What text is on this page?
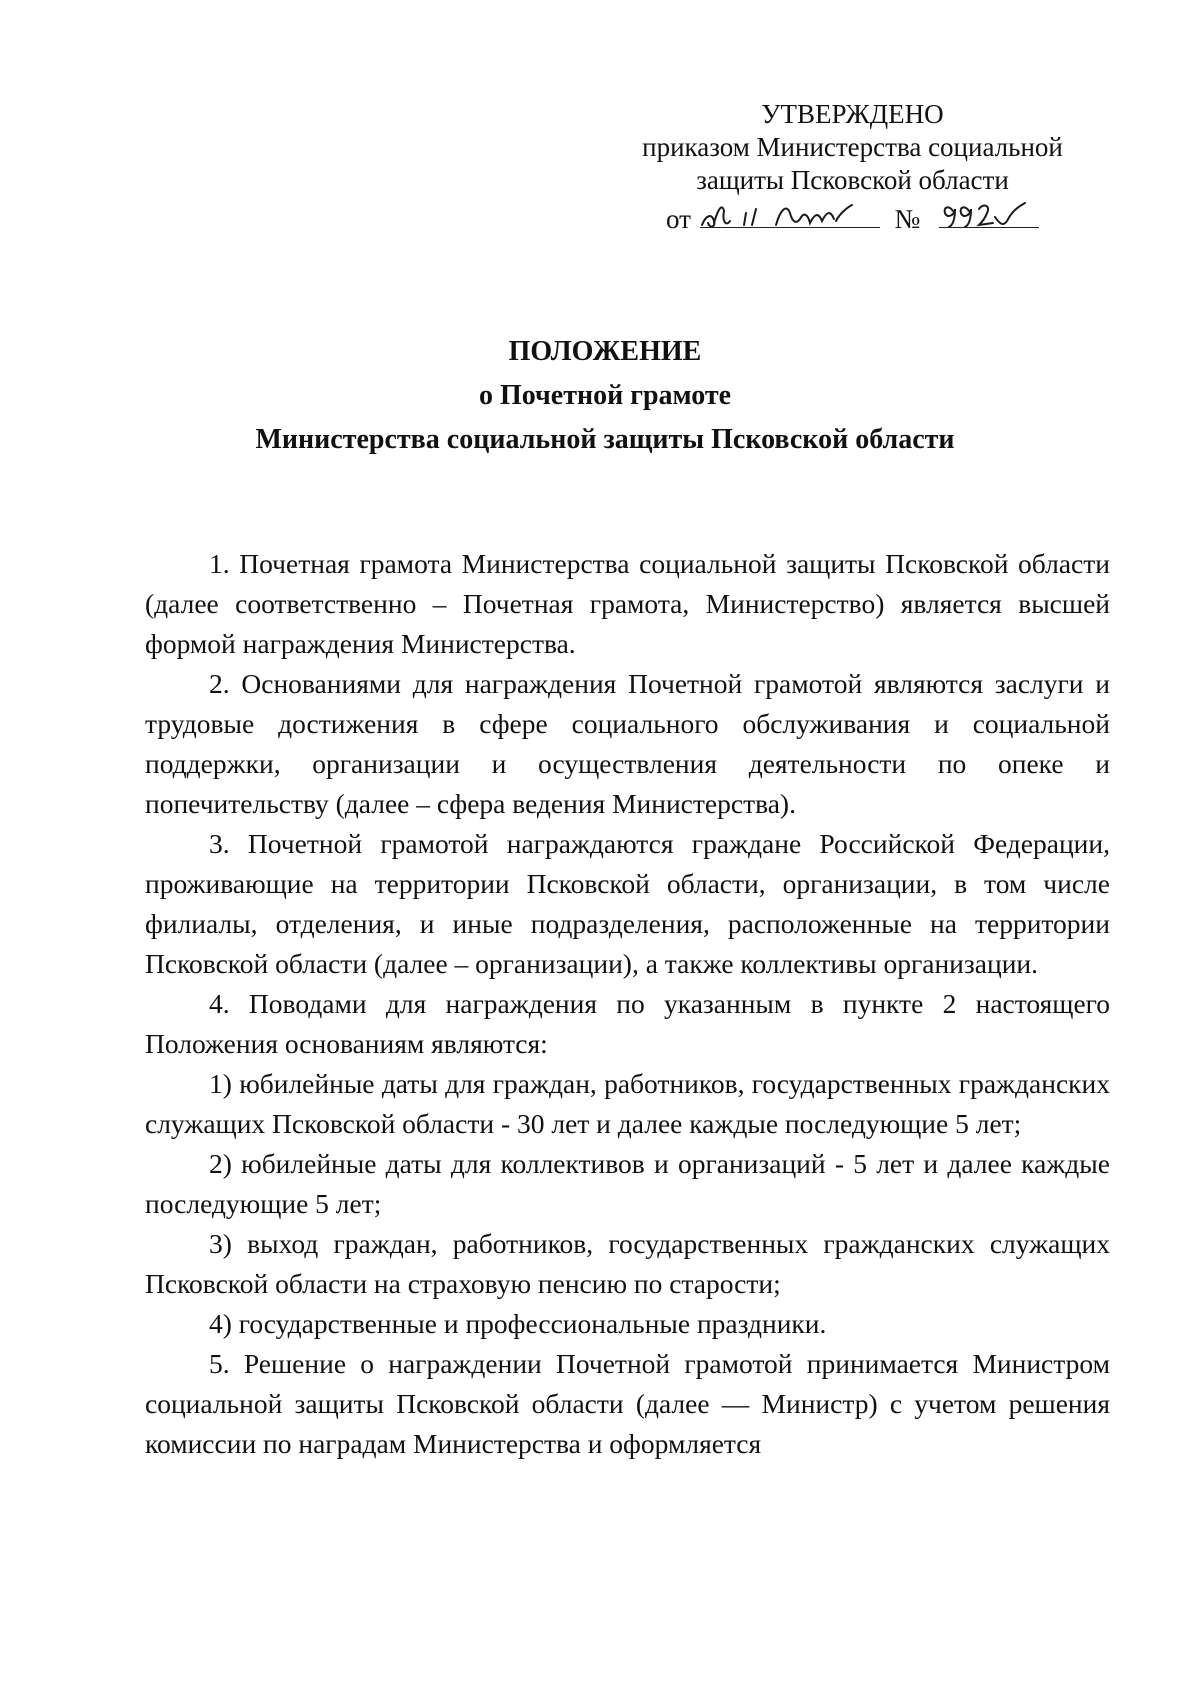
УТВЕРЖДЕНО
приказом Министерства социальной
защиты Псковской области
от	№
ПОЛОЖЕНИЕ
о Почетной грамоте
Министерства социальной защиты Псковской области

1. Почетная грамота Министерства социальной защиты Псковской области (далее соответственно – Почетная грамота, Министерство) является высшей формой награждения Министерства.

2. Основаниями для награждения Почетной грамотой являются заслуги и трудовые достижения в сфере социального обслуживания и социальной поддержки, организации и осуществления деятельности по опеке и попечительству (далее – сфера ведения Министерства).

3. Почетной грамотой награждаются граждане Российской Федерации, проживающие на территории Псковской области, организации, в том числе филиалы, отделения, и иные подразделения, расположенные на территории Псковской области (далее – организации), а также коллективы организации.

4. Поводами для награждения по указанным в пункте 2 настоящего Положения основаниям являются:

1) юбилейные даты для граждан, работников, государственных гражданских служащих Псковской области - 30 лет и далее каждые последующие 5 лет;

2) юбилейные даты для коллективов и организаций - 5 лет и далее каждые последующие 5 лет;

3) выход граждан, работников, государственных гражданских служащих Псковской области на страховую пенсию по старости;

4) государственные и профессиональные праздники.

5. Решение о награждении Почетной грамотой принимается Министром социальной защиты Псковской области (далее — Министр) с учетом решения комиссии по наградам Министерства и оформляется
